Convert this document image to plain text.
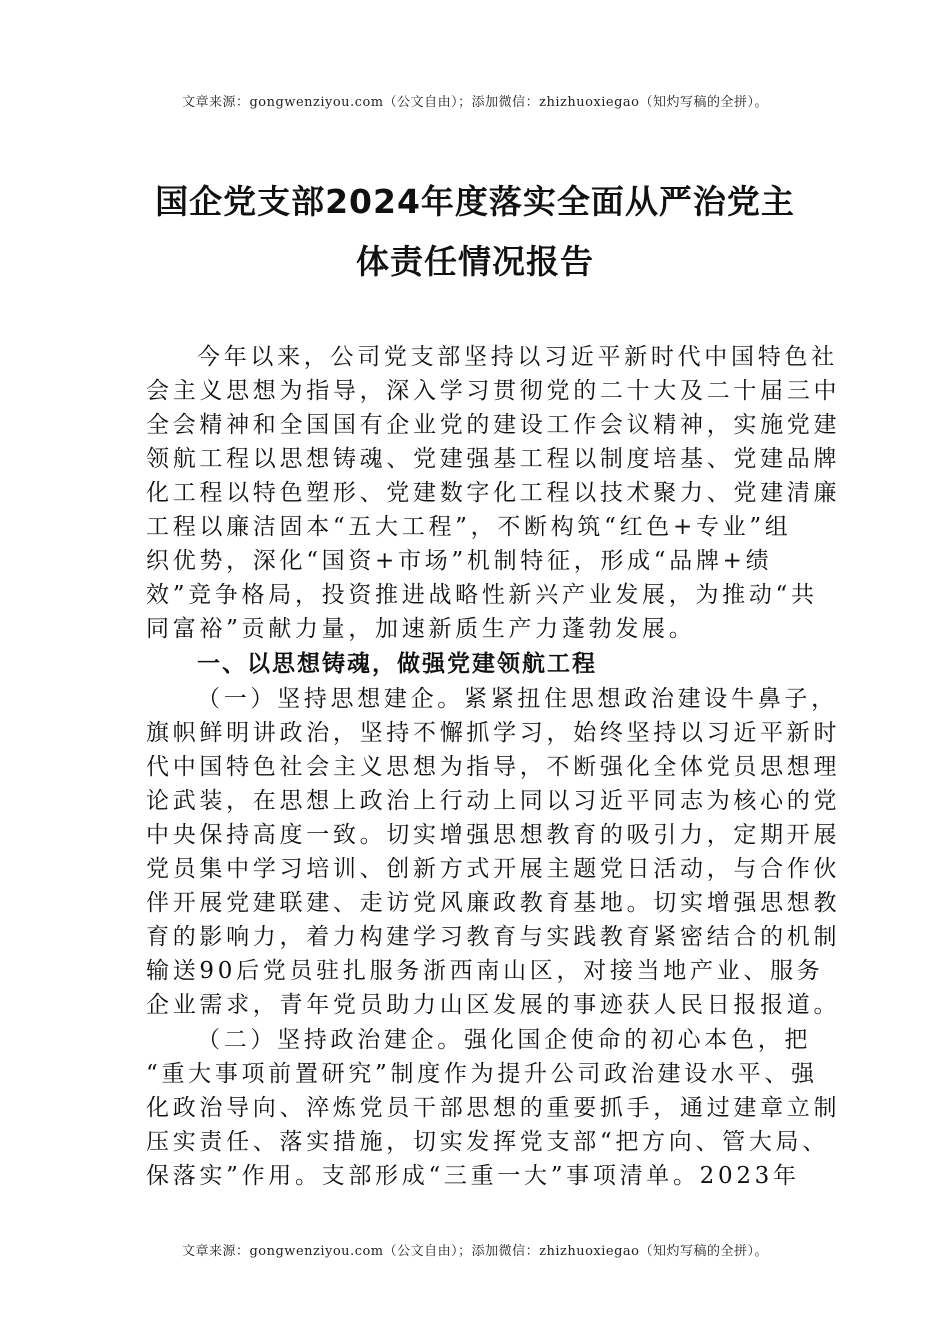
文章来源：gongwenziyou.com（公文自由）；添加微信：zhizhuoxiegao（知灼写稿的全拼）。
国企党支部2024年度落实全面从严治党主
体责任情况报告
今年以来，公司党支部坚持以习近平新时代中国特色社
会主义思想为指导，深入学习贯彻党的二十大及二十届三中
全会精神和全国国有企业党的建设工作会议精神，实施党建
领航工程以思想铸魂、党建强基工程以制度培基、党建品牌
化工程以特色塑形、党建数字化工程以技术聚力、党建清廉
工程以廉洁固本“五大工程”，不断构筑“红色+专业”组
织优势，深化“国资+市场”机制特征，形成“品牌+绩
效”竞争格局，投资推进战略性新兴产业发展，为推动“共
同富裕”贡献力量，加速新质生产力蓬勃发展。
一、以思想铸魂，做强党建领航工程
（一）坚持思想建企。紧紧扭住思想政治建设牛鼻子，
旗帜鲜明讲政治，坚持不懈抓学习，始终坚持以习近平新时
代中国特色社会主义思想为指导，不断强化全体党员思想理
论武装，在思想上政治上行动上同以习近平同志为核心的党
中央保持高度一致。切实增强思想教育的吸引力，定期开展
党员集中学习培训、创新方式开展主题党日活动，与合作伙
伴开展党建联建、走访党风廉政教育基地。切实增强思想教
育的影响力，着力构建学习教育与实践教育紧密结合的机制
输送90后党员驻扎服务浙西南山区，对接当地产业、服务
企业需求，青年党员助力山区发展的事迹获人民日报报道。
（二）坚持政治建企。强化国企使命的初心本色，把
“重大事项前置研究”制度作为提升公司政治建设水平、强
化政治导向、淬炼党员干部思想的重要抓手，通过建章立制
压实责任、落实措施，切实发挥党支部“把方向、管大局、
保落实”作用。支部形成“三重一大”事项清单。2023年
文章来源：gongwenziyou.com（公文自由）；添加微信：zhizhuoxiegao（知灼写稿的全拼）。
